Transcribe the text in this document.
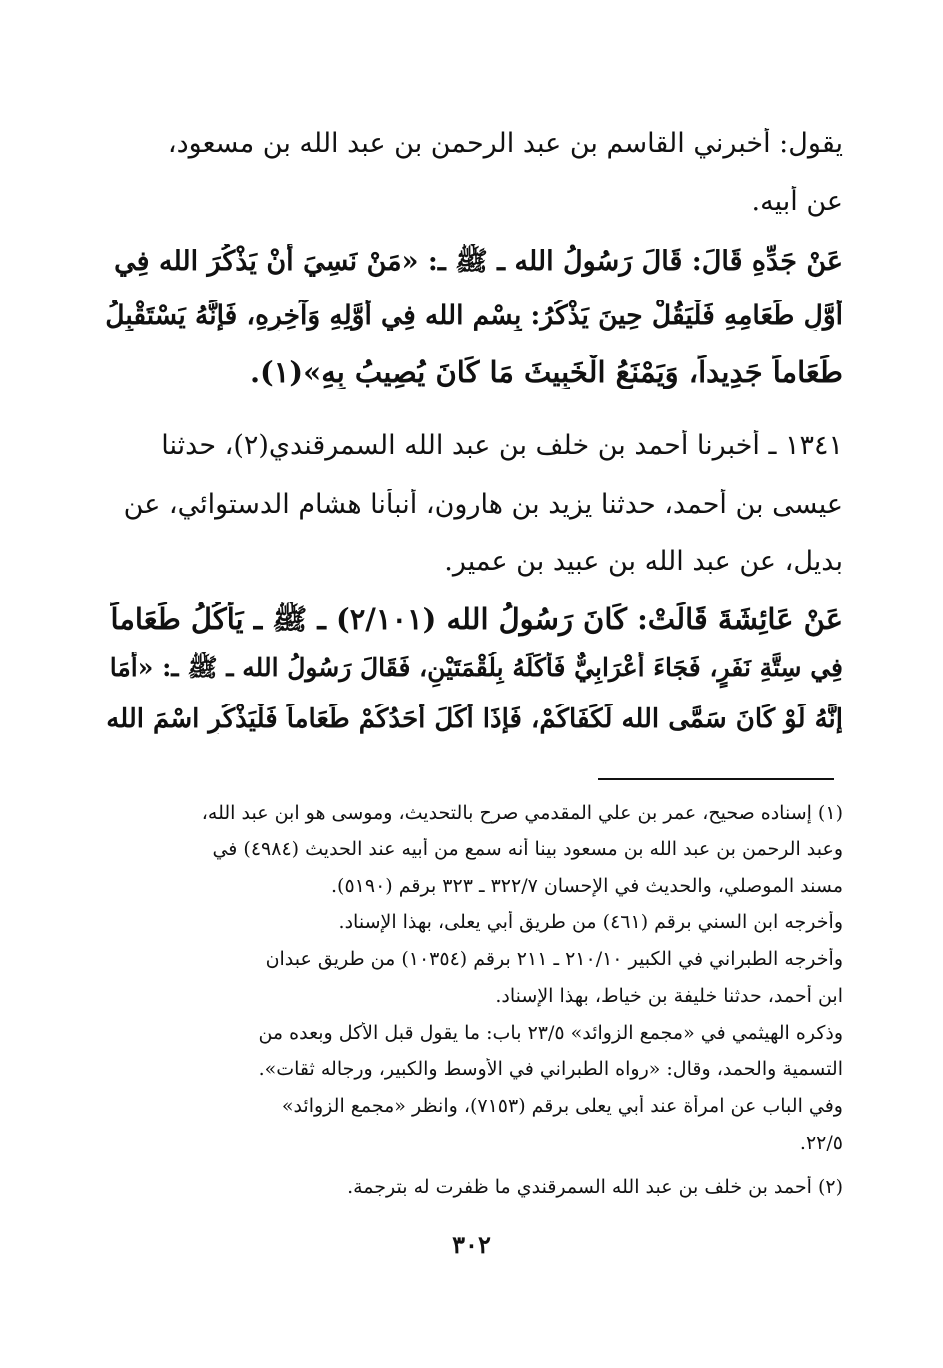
يقول: أخبرني القاسم بن عبد الرحمن بن عبد الله بن مسعود،
عن أبيه.
عَنْ جَدِّهِ قَالَ: قَالَ رَسُولُ الله ـ ﷺ ـ: «مَنْ نَسِيَ أَنْ يَذْكُرَ الله فِي
أَوَّلِ طَعَامِهِ فَلْيَقُلْ حِينَ يَذْكُرُ: بِسْمِ الله فِي أَوَّلِهِ وَآخِرِهِ، فَإِنَّهُ يَسْتَقْبِلُ
طَعَاماً جَدِيداً، وَيَمْنَعُ الْخَبِيثَ مَا كَانَ يُصِيبُ بِهِ»(١).
١٣٤١ ـ أخبرنا أحمد بن خلف بن عبد الله السمرقندي(٢)، حدثنا
عيسى بن أحمد، حدثنا يزيد بن هارون، أنبأنا هشام الدستوائي، عن
بديل، عن عبد الله بن عبيد بن عمير.
عَنْ عَائِشَةَ قَالَتْ: كَانَ رَسُولُ الله (٢/١٠١) ـ ﷺ ـ يَأْكُلُ طَعَاماً
فِي سِتَّةِ نَفَرٍ، فَجَاءَ أَعْرَابِيٌّ فَأَكَلَهُ بِلُقْمَتَيْنِ، فَقَالَ رَسُولُ الله ـ ﷺ ـ: «أَمَا
إِنَّهُ لَوْ كَانَ سَمَّى الله لَكَفَاكُمْ، فَإِذَا أَكَلَ أَحَدُكُمْ طَعَاماً فَلْيَذْكُرِ اسْمَ الله
(١) إسناده صحيح، عمر بن علي المقدمي صرح بالتحديث، وموسى هو ابن عبد الله،
وعبد الرحمن بن عبد الله بن مسعود بينا أنه سمع من أبيه عند الحديث (٤٩٨٤) في
مسند الموصلي، والحديث في الإحسان ٣٢٢/٧ ـ ٣٢٣ برقم (٥١٩٠).
وأخرجه ابن السني برقم (٤٦١) من طريق أبي يعلى، بهذا الإسناد.
وأخرجه الطبراني في الكبير ٢١٠/١٠ ـ ٢١١ برقم (١٠٣٥٤) من طريق عبدان
ابن أحمد، حدثنا خليفة بن خياط، بهذا الإسناد.
وذكره الهيثمي في «مجمع الزوائد» ٢٣/٥ باب: ما يقول قبل الأكل وبعده من
التسمية والحمد، وقال: «رواه الطبراني في الأوسط والكبير، ورجاله ثقات».
وفي الباب عن امرأة عند أبي يعلى برقم (٧١٥٣)، وانظر «مجمع الزوائد»
٢٢/٥.
(٢) أحمد بن خلف بن عبد الله السمرقندي ما ظفرت له بترجمة.
٣٠٢
